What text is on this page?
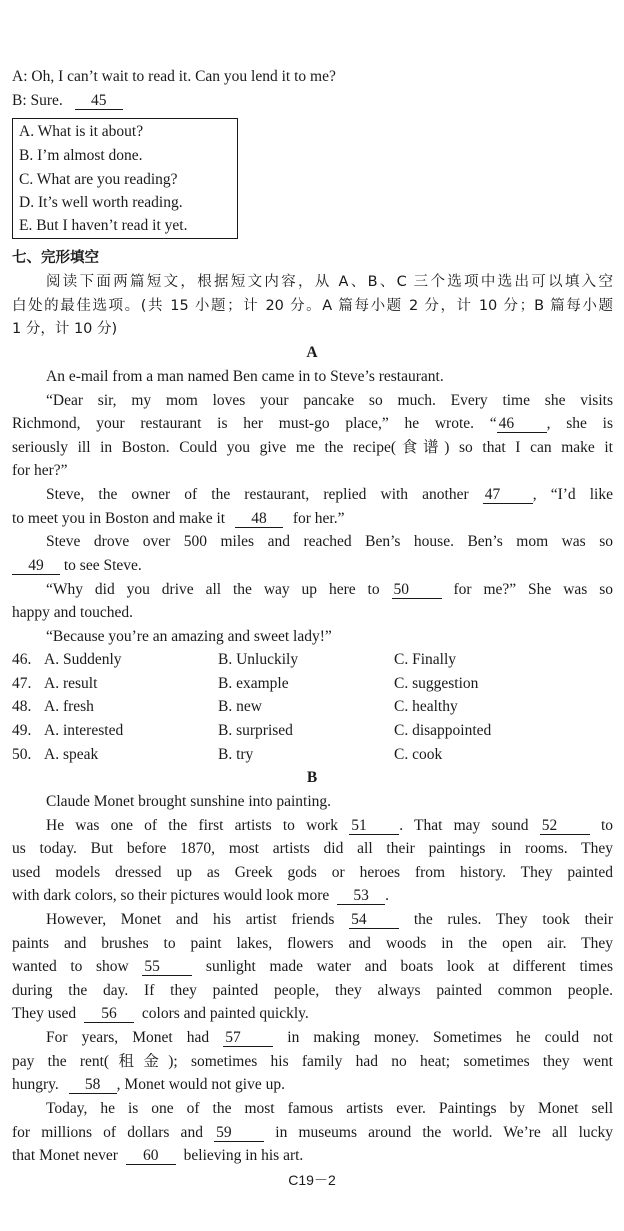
A: Oh, I can’t wait to read it. Can you lend it to me?
B: Sure. 45
A. What is it about?
B. I’m almost done.
C. What are you reading?
D. It’s well worth reading.
E. But I haven’t read it yet.
七、完形填空
阅读下面两篇短文，根据短文内容，从 A、B、C 三个选项中选出可以填入空
白处的最佳选项。(共 15 小题；计 20 分。A 篇每小题 2 分，计 10 分；B 篇每小题
1 分，计 10 分)
A
An e-mail from a man named Ben came in to Steve’s restaurant.
“Dear sir, my mom loves your pancake so much. Every time she visits
Richmond, your restaurant is her must-go place,” he wrote. “ 46 , she is
seriously ill in Boston. Could you give me the recipe(食谱) so that I can make it
for her?”
Steve, the owner of the restaurant, replied with another 47 , “I’d like
to meet you in Boston and make it 48 for her.”
Steve drove over 500 miles and reached Ben’s house. Ben’s mom was so
49 to see Steve.
“Why did you drive all the way up here to 50	for me?” She was so
happy and touched.
“Because you’re an amazing and sweet lady!”
46. A. Suddenly	B. Unluckily	C. Finally
47. A. result	B. example	C. suggestion
48. A. fresh	B. new	C. healthy
49. A. interested	B. surprised	C. disappointed
50. A. speak	B. try	C. cook
B
Claude Monet brought sunshine into painting.
He was one of the first artists to work 51 . That may sound 52	to
us today. But before 1870, most artists did all their paintings in rooms. They
used models dressed up as Greek gods or heroes from history. They painted
with dark colors, so their pictures would look more 53 .
However, Monet and his artist friends 54	the rules. They took their
paints and brushes to paint lakes, flowers and woods in the open air. They
wanted to show 55	sunlight made water and boats look at different times
during the day. If they painted people, they always painted common people.
They used 56 colors and painted quickly.
For years, Monet had 57	in making money. Sometimes he could not
pay the rent(租金); sometimes his family had no heat; sometimes they went
hungry. 58 , Monet would not give up.
Today, he is one of the most famous artists ever. Paintings by Monet sell
for millions of dollars and 59	in museums around the world. We’re all lucky
that Monet never 60 believing in his art.
C19－2
